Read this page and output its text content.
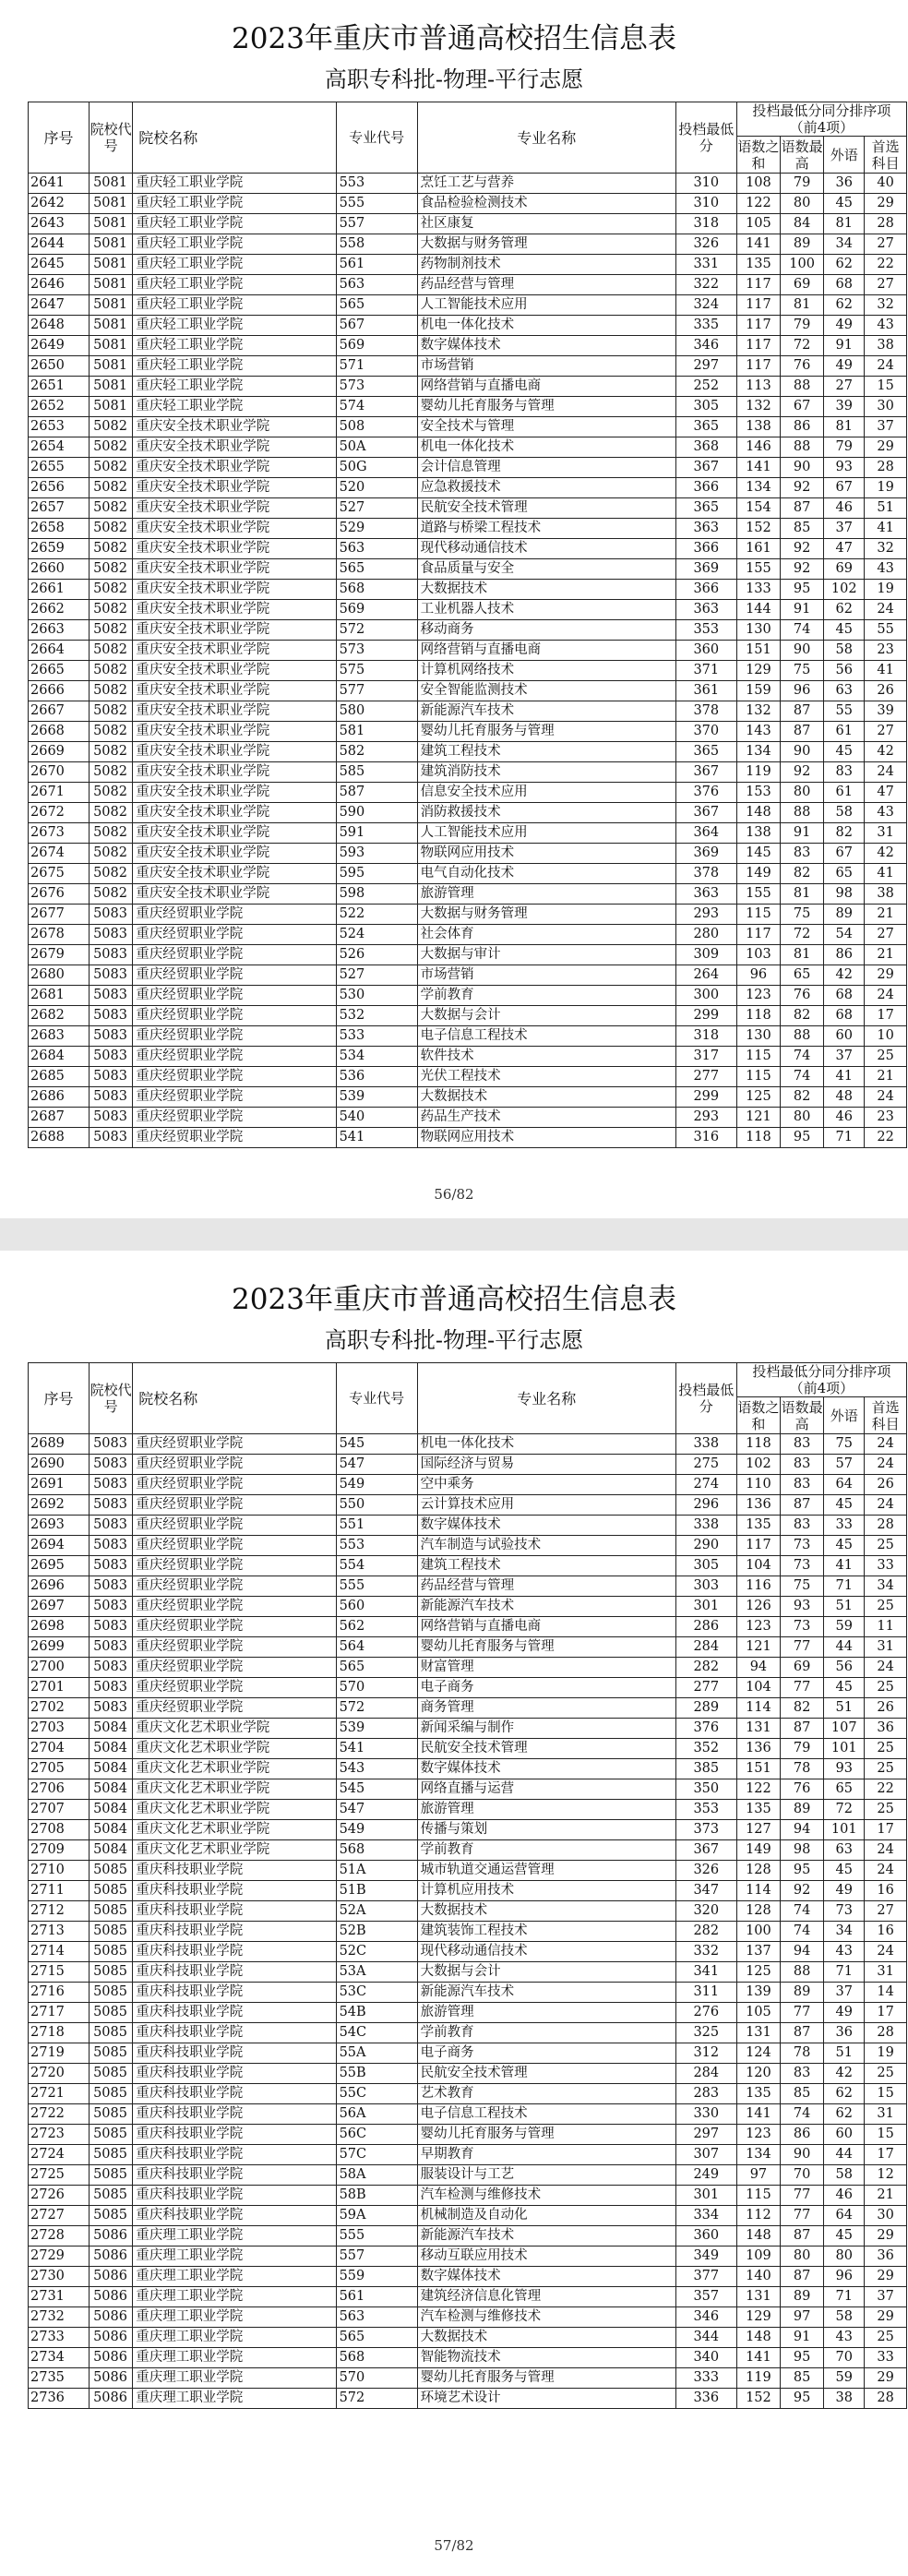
2023年重庆市普通高校招生信息表
高职专科批-物理-平行志愿
序号	院校代号	院校名称	专业代号	专业名称	投档最低分	投档最低分同分排序项
（前4项）			
						语数之和	语数最高	外语	首选科目
2641	5081	重庆轻工职业学院	553	烹饪工艺与营养	310	108	79	36	40
2642	5081	重庆轻工职业学院	555	食品检验检测技术	310	122	80	45	29
2643	5081	重庆轻工职业学院	557	社区康复	318	105	84	81	28
2644	5081	重庆轻工职业学院	558	大数据与财务管理	326	141	89	34	27
2645	5081	重庆轻工职业学院	561	药物制剂技术	331	135	100	62	22
2646	5081	重庆轻工职业学院	563	药品经营与管理	322	117	69	68	27
2647	5081	重庆轻工职业学院	565	人工智能技术应用	324	117	81	62	32
2648	5081	重庆轻工职业学院	567	机电一体化技术	335	117	79	49	43
2649	5081	重庆轻工职业学院	569	数字媒体技术	346	117	72	91	38
2650	5081	重庆轻工职业学院	571	市场营销	297	117	76	49	24
2651	5081	重庆轻工职业学院	573	网络营销与直播电商	252	113	88	27	15
2652	5081	重庆轻工职业学院	574	婴幼儿托育服务与管理	305	132	67	39	30
2653	5082	重庆安全技术职业学院	508	安全技术与管理	365	138	86	81	37
2654	5082	重庆安全技术职业学院	50A	机电一体化技术	368	146	88	79	29
2655	5082	重庆安全技术职业学院	50G	会计信息管理	367	141	90	93	28
2656	5082	重庆安全技术职业学院	520	应急救援技术	366	134	92	67	19
2657	5082	重庆安全技术职业学院	527	民航安全技术管理	365	154	87	46	51
2658	5082	重庆安全技术职业学院	529	道路与桥梁工程技术	363	152	85	37	41
2659	5082	重庆安全技术职业学院	563	现代移动通信技术	366	161	92	47	32
2660	5082	重庆安全技术职业学院	565	食品质量与安全	369	155	92	69	43
2661	5082	重庆安全技术职业学院	568	大数据技术	366	133	95	102	19
2662	5082	重庆安全技术职业学院	569	工业机器人技术	363	144	91	62	24
2663	5082	重庆安全技术职业学院	572	移动商务	353	130	74	45	55
2664	5082	重庆安全技术职业学院	573	网络营销与直播电商	360	151	90	58	23
2665	5082	重庆安全技术职业学院	575	计算机网络技术	371	129	75	56	41
2666	5082	重庆安全技术职业学院	577	安全智能监测技术	361	159	96	63	26
2667	5082	重庆安全技术职业学院	580	新能源汽车技术	378	132	87	55	39
2668	5082	重庆安全技术职业学院	581	婴幼儿托育服务与管理	370	143	87	61	27
2669	5082	重庆安全技术职业学院	582	建筑工程技术	365	134	90	45	42
2670	5082	重庆安全技术职业学院	585	建筑消防技术	367	119	92	83	24
2671	5082	重庆安全技术职业学院	587	信息安全技术应用	376	153	80	61	47
2672	5082	重庆安全技术职业学院	590	消防救援技术	367	148	88	58	43
2673	5082	重庆安全技术职业学院	591	人工智能技术应用	364	138	91	82	31
2674	5082	重庆安全技术职业学院	593	物联网应用技术	369	145	83	67	42
2675	5082	重庆安全技术职业学院	595	电气自动化技术	378	149	82	65	41
2676	5082	重庆安全技术职业学院	598	旅游管理	363	155	81	98	38
2677	5083	重庆经贸职业学院	522	大数据与财务管理	293	115	75	89	21
2678	5083	重庆经贸职业学院	524	社会体育	280	117	72	54	27
2679	5083	重庆经贸职业学院	526	大数据与审计	309	103	81	86	21
2680	5083	重庆经贸职业学院	527	市场营销	264	96	65	42	29
2681	5083	重庆经贸职业学院	530	学前教育	300	123	76	68	24
2682	5083	重庆经贸职业学院	532	大数据与会计	299	118	82	68	17
2683	5083	重庆经贸职业学院	533	电子信息工程技术	318	130	88	60	10
2684	5083	重庆经贸职业学院	534	软件技术	317	115	74	37	25
2685	5083	重庆经贸职业学院	536	光伏工程技术	277	115	74	41	21
2686	5083	重庆经贸职业学院	539	大数据技术	299	125	82	48	24
2687	5083	重庆经贸职业学院	540	药品生产技术	293	121	80	46	23
2688	5083	重庆经贸职业学院	541	物联网应用技术	316	118	95	71	22
56/82
2023年重庆市普通高校招生信息表
高职专科批-物理-平行志愿
序号	院校代号	院校名称	专业代号	专业名称	投档最低分	投档最低分同分排序项
（前4项）			
						语数之和	语数最高	外语	首选科目
2689	5083	重庆经贸职业学院	545	机电一体化技术	338	118	83	75	24
2690	5083	重庆经贸职业学院	547	国际经济与贸易	275	102	83	57	24
2691	5083	重庆经贸职业学院	549	空中乘务	274	110	83	64	26
2692	5083	重庆经贸职业学院	550	云计算技术应用	296	136	87	45	24
2693	5083	重庆经贸职业学院	551	数字媒体技术	338	135	83	33	28
2694	5083	重庆经贸职业学院	553	汽车制造与试验技术	290	117	73	45	25
2695	5083	重庆经贸职业学院	554	建筑工程技术	305	104	73	41	33
2696	5083	重庆经贸职业学院	555	药品经营与管理	303	116	75	71	34
2697	5083	重庆经贸职业学院	560	新能源汽车技术	301	126	93	51	25
2698	5083	重庆经贸职业学院	562	网络营销与直播电商	286	123	73	59	11
2699	5083	重庆经贸职业学院	564	婴幼儿托育服务与管理	284	121	77	44	31
2700	5083	重庆经贸职业学院	565	财富管理	282	94	69	56	24
2701	5083	重庆经贸职业学院	570	电子商务	277	104	77	45	25
2702	5083	重庆经贸职业学院	572	商务管理	289	114	82	51	26
2703	5084	重庆文化艺术职业学院	539	新闻采编与制作	376	131	87	107	36
2704	5084	重庆文化艺术职业学院	541	民航安全技术管理	352	136	79	101	25
2705	5084	重庆文化艺术职业学院	543	数字媒体技术	385	151	78	93	25
2706	5084	重庆文化艺术职业学院	545	网络直播与运营	350	122	76	65	22
2707	5084	重庆文化艺术职业学院	547	旅游管理	353	135	89	72	25
2708	5084	重庆文化艺术职业学院	549	传播与策划	373	127	94	101	17
2709	5084	重庆文化艺术职业学院	568	学前教育	367	149	98	63	24
2710	5085	重庆科技职业学院	51A	城市轨道交通运营管理	326	128	95	45	24
2711	5085	重庆科技职业学院	51B	计算机应用技术	347	114	92	49	16
2712	5085	重庆科技职业学院	52A	大数据技术	320	128	74	73	27
2713	5085	重庆科技职业学院	52B	建筑装饰工程技术	282	100	74	34	16
2714	5085	重庆科技职业学院	52C	现代移动通信技术	332	137	94	43	24
2715	5085	重庆科技职业学院	53A	大数据与会计	341	125	88	71	31
2716	5085	重庆科技职业学院	53C	新能源汽车技术	311	139	89	37	14
2717	5085	重庆科技职业学院	54B	旅游管理	276	105	77	49	17
2718	5085	重庆科技职业学院	54C	学前教育	325	131	87	36	28
2719	5085	重庆科技职业学院	55A	电子商务	312	124	78	51	19
2720	5085	重庆科技职业学院	55B	民航安全技术管理	284	120	83	42	25
2721	5085	重庆科技职业学院	55C	艺术教育	283	135	85	62	15
2722	5085	重庆科技职业学院	56A	电子信息工程技术	330	141	74	62	31
2723	5085	重庆科技职业学院	56C	婴幼儿托育服务与管理	297	123	86	60	15
2724	5085	重庆科技职业学院	57C	早期教育	307	134	90	44	17
2725	5085	重庆科技职业学院	58A	服装设计与工艺	249	97	70	58	12
2726	5085	重庆科技职业学院	58B	汽车检测与维修技术	301	115	77	46	21
2727	5085	重庆科技职业学院	59A	机械制造及自动化	334	112	77	64	30
2728	5086	重庆理工职业学院	555	新能源汽车技术	360	148	87	45	29
2729	5086	重庆理工职业学院	557	移动互联应用技术	349	109	80	80	36
2730	5086	重庆理工职业学院	559	数字媒体技术	377	140	87	96	29
2731	5086	重庆理工职业学院	561	建筑经济信息化管理	357	131	89	71	37
2732	5086	重庆理工职业学院	563	汽车检测与维修技术	346	129	97	58	29
2733	5086	重庆理工职业学院	565	大数据技术	344	148	91	43	25
2734	5086	重庆理工职业学院	568	智能物流技术	340	141	95	70	33
2735	5086	重庆理工职业学院	570	婴幼儿托育服务与管理	333	119	85	59	29
2736	5086	重庆理工职业学院	572	环境艺术设计	336	152	95	38	28
57/82
